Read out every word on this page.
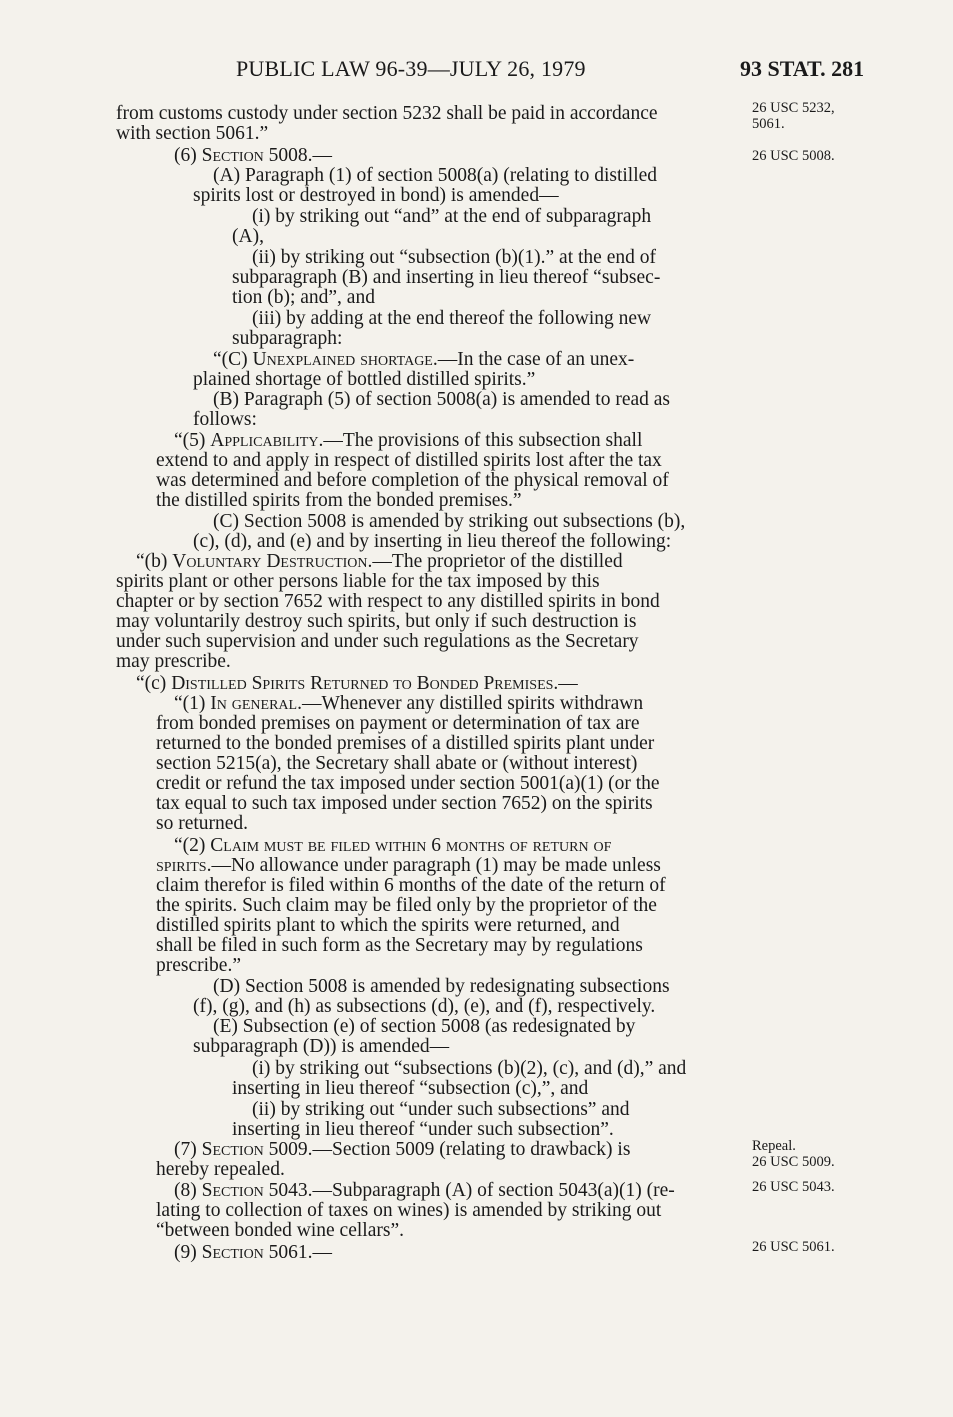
PUBLIC LAW 96-39—JULY 26, 1979	93 STAT. 281
from customs custody under section 5232 shall be paid in accordance
with section 5061.”
(6) Section 5008.—
(A) Paragraph (1) of section 5008(a) (relating to distilled
spirits lost or destroyed in bond) is amended—
(i) by striking out “and” at the end of subparagraph
(A),
(ii) by striking out “subsection (b)(1).” at the end of
subparagraph (B) and inserting in lieu thereof “subsec-
tion (b); and”, and
(iii) by adding at the end thereof the following new
subparagraph:
“(C) Unexplained shortage.—In the case of an unex-
plained shortage of bottled distilled spirits.”
(B) Paragraph (5) of section 5008(a) is amended to read as
follows:
“(5) Applicability.—The provisions of this subsection shall
extend to and apply in respect of distilled spirits lost after the tax
was determined and before completion of the physical removal of
the distilled spirits from the bonded premises.”
(C) Section 5008 is amended by striking out subsections (b),
(c), (d), and (e) and by inserting in lieu thereof the following:
“(b) Voluntary Destruction.—The proprietor of the distilled
spirits plant or other persons liable for the tax imposed by this
chapter or by section 7652 with respect to any distilled spirits in bond
may voluntarily destroy such spirits, but only if such destruction is
under such supervision and under such regulations as the Secretary
may prescribe.
“(c) Distilled Spirits Returned to Bonded Premises.—
“(1) In general.—Whenever any distilled spirits withdrawn
from bonded premises on payment or determination of tax are
returned to the bonded premises of a distilled spirits plant under
section 5215(a), the Secretary shall abate or (without interest)
credit or refund the tax imposed under section 5001(a)(1) (or the
tax equal to such tax imposed under section 7652) on the spirits
so returned.
“(2) Claim must be filed within 6 months of return of
spirits.—No allowance under paragraph (1) may be made unless
claim therefor is filed within 6 months of the date of the return of
the spirits. Such claim may be filed only by the proprietor of the
distilled spirits plant to which the spirits were returned, and
shall be filed in such form as the Secretary may by regulations
prescribe.”
(D) Section 5008 is amended by redesignating subsections
(f), (g), and (h) as subsections (d), (e), and (f), respectively.
(E) Subsection (e) of section 5008 (as redesignated by
subparagraph (D)) is amended—
(i) by striking out “subsections (b)(2), (c), and (d),” and
inserting in lieu thereof “subsection (c),”, and
(ii) by striking out “under such subsections” and
inserting in lieu thereof “under such subsection”.
(7) Section 5009.—Section 5009 (relating to drawback) is
hereby repealed.
(8) Section 5043.—Subparagraph (A) of section 5043(a)(1) (re-
lating to collection of taxes on wines) is amended by striking out
“between bonded wine cellars”.
(9) Section 5061.—
26 USC 5232,
5061.
26 USC 5008.
Repeal.
26 USC 5009.
26 USC 5043.
26 USC 5061.
